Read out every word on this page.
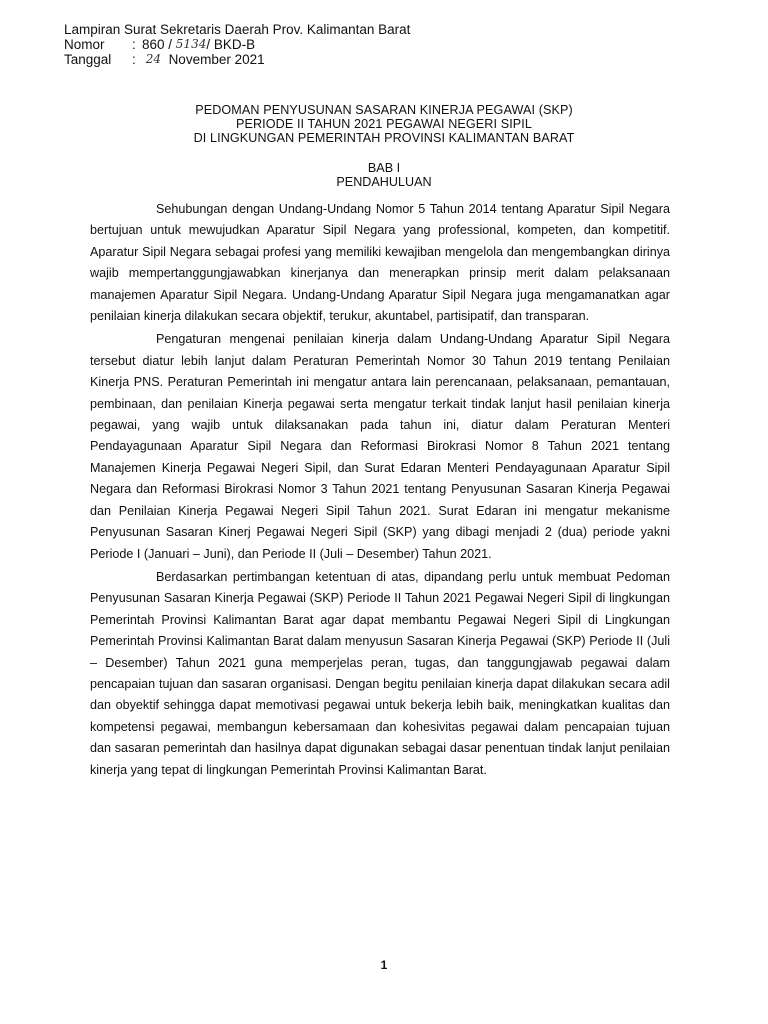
Lampiran Surat Sekretaris Daerah Prov. Kalimantan Barat
Nomor	: 860 /
5134 / BKD-B
Tanggal	:
24
November 2021
PEDOMAN PENYUSUNAN SASARAN KINERJA PEGAWAI (SKP)
PERIODE II TAHUN 2021 PEGAWAI NEGERI SIPIL
DI LINGKUNGAN PEMERINTAH PROVINSI KALIMANTAN BARAT
BAB I
PENDAHULUAN

Sehubungan dengan Undang-Undang Nomor 5 Tahun 2014 tentang Aparatur Sipil Negara bertujuan untuk mewujudkan Aparatur Sipil Negara yang professional, kompeten, dan kompetitif. Aparatur Sipil Negara sebagai profesi yang memiliki kewajiban mengelola dan mengembangkan dirinya wajib mempertanggungjawabkan kinerjanya dan menerapkan prinsip merit dalam pelaksanaan manajemen Aparatur Sipil Negara. Undang-Undang Aparatur Sipil Negara juga mengamanatkan agar penilaian kinerja dilakukan secara objektif, terukur, akuntabel, partisipatif, dan transparan.

Pengaturan mengenai penilaian kinerja dalam Undang-Undang Aparatur Sipil Negara tersebut diatur lebih lanjut dalam Peraturan Pemerintah Nomor 30 Tahun 2019 tentang Penilaian Kinerja PNS. Peraturan Pemerintah ini mengatur antara lain perencanaan, pelaksanaan, pemantauan, pembinaan, dan penilaian Kinerja pegawai serta mengatur terkait tindak lanjut hasil penilaian kinerja pegawai, yang wajib untuk dilaksanakan pada tahun ini, diatur dalam Peraturan Menteri Pendayagunaan Aparatur Sipil Negara dan Reformasi Birokrasi Nomor 8 Tahun 2021 tentang Manajemen Kinerja Pegawai Negeri Sipil, dan Surat Edaran Menteri Pendayagunaan Aparatur Sipil Negara dan Reformasi Birokrasi Nomor 3 Tahun 2021 tentang Penyusunan Sasaran Kinerja Pegawai dan Penilaian Kinerja Pegawai Negeri Sipil Tahun 2021. Surat Edaran ini mengatur mekanisme Penyusunan Sasaran Kinerj Pegawai Negeri Sipil (SKP) yang dibagi menjadi 2 (dua) periode yakni Periode I (Januari – Juni), dan Periode II (Juli – Desember) Tahun 2021.

Berdasarkan pertimbangan ketentuan di atas, dipandang perlu untuk membuat Pedoman Penyusunan Sasaran Kinerja Pegawai (SKP) Periode II Tahun 2021 Pegawai Negeri Sipil di lingkungan Pemerintah Provinsi Kalimantan Barat agar dapat membantu Pegawai Negeri Sipil di Lingkungan Pemerintah Provinsi Kalimantan Barat dalam menyusun Sasaran Kinerja Pegawai (SKP) Periode II (Juli – Desember) Tahun 2021 guna memperjelas peran, tugas, dan tanggungjawab pegawai dalam pencapaian tujuan dan sasaran organisasi. Dengan begitu penilaian kinerja dapat dilakukan secara adil dan obyektif sehingga dapat memotivasi pegawai untuk bekerja lebih baik, meningkatkan kualitas dan kompetensi pegawai, membangun kebersamaan dan kohesivitas pegawai dalam pencapaian tujuan dan sasaran pemerintah dan hasilnya dapat digunakan sebagai dasar penentuan tindak lanjut penilaian kinerja yang tepat di lingkungan Pemerintah Provinsi Kalimantan Barat.

1
